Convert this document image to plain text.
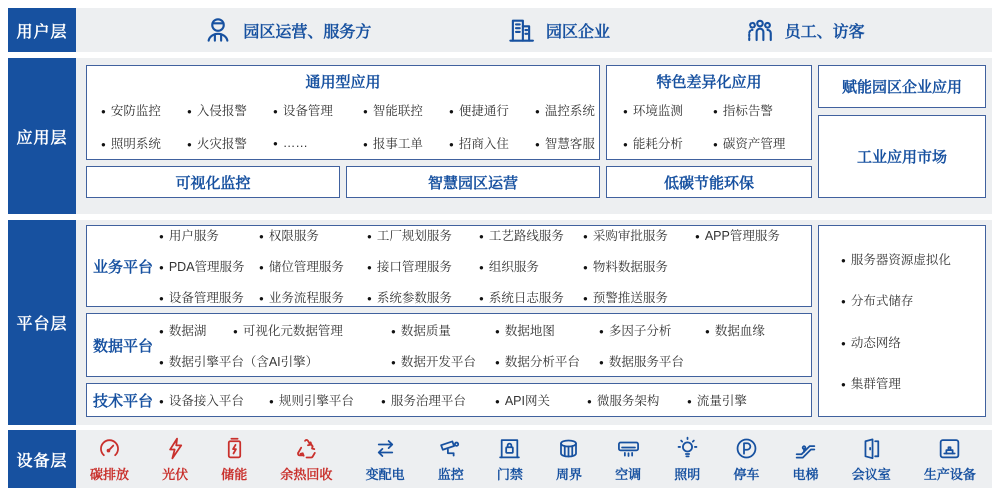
用户层	园区运营、服务方	园区企业	员工、访客
应用层
通用型应用
● 安防监控	● 入侵报警	● 设备管理	● 智能联控	● 便捷通行	● 温控系统
● 照明系统	● 火灾报警	● ……	● 报事工单	● 招商入住	● 智慧客服
特色差异化应用
● 环境监测	● 指标告警
● 能耗分析	● 碳资产管理
赋能园区企业应用
工业应用市场
可视化监控	智慧园区运营	低碳节能环保
平台层
业务平台
● 用户服务	● 权限服务	● 工厂规划服务	● 工艺路线服务	● 采购审批服务	● APP管理服务
● PDA管理服务	● 储位管理服务	● 接口管理服务	● 组织服务	● 物料数据服务
● 设备管理服务	● 业务流程服务	● 系统参数服务	● 系统日志服务	● 预警推送服务
数据平台
● 数据湖	● 可视化元数据管理	● 数据质量	● 数据地图	● 多因子分析	● 数据血缘
● 数据引擎平台（含AI引擎）	● 数据开发平台	● 数据分析平台	● 数据服务平台
技术平台	● 设备接入平台	● 规则引擎平台	● 服务治理平台	● API网关	● 微服务架构	● 流量引擎
● 服务器资源虚拟化
● 分布式储存
● 动态网络
● 集群管理
设备层
碳排放	光伏	储能	余热回收	变配电	监控	门禁	周界	空调	照明	停车	电梯	会议室	生产设备
